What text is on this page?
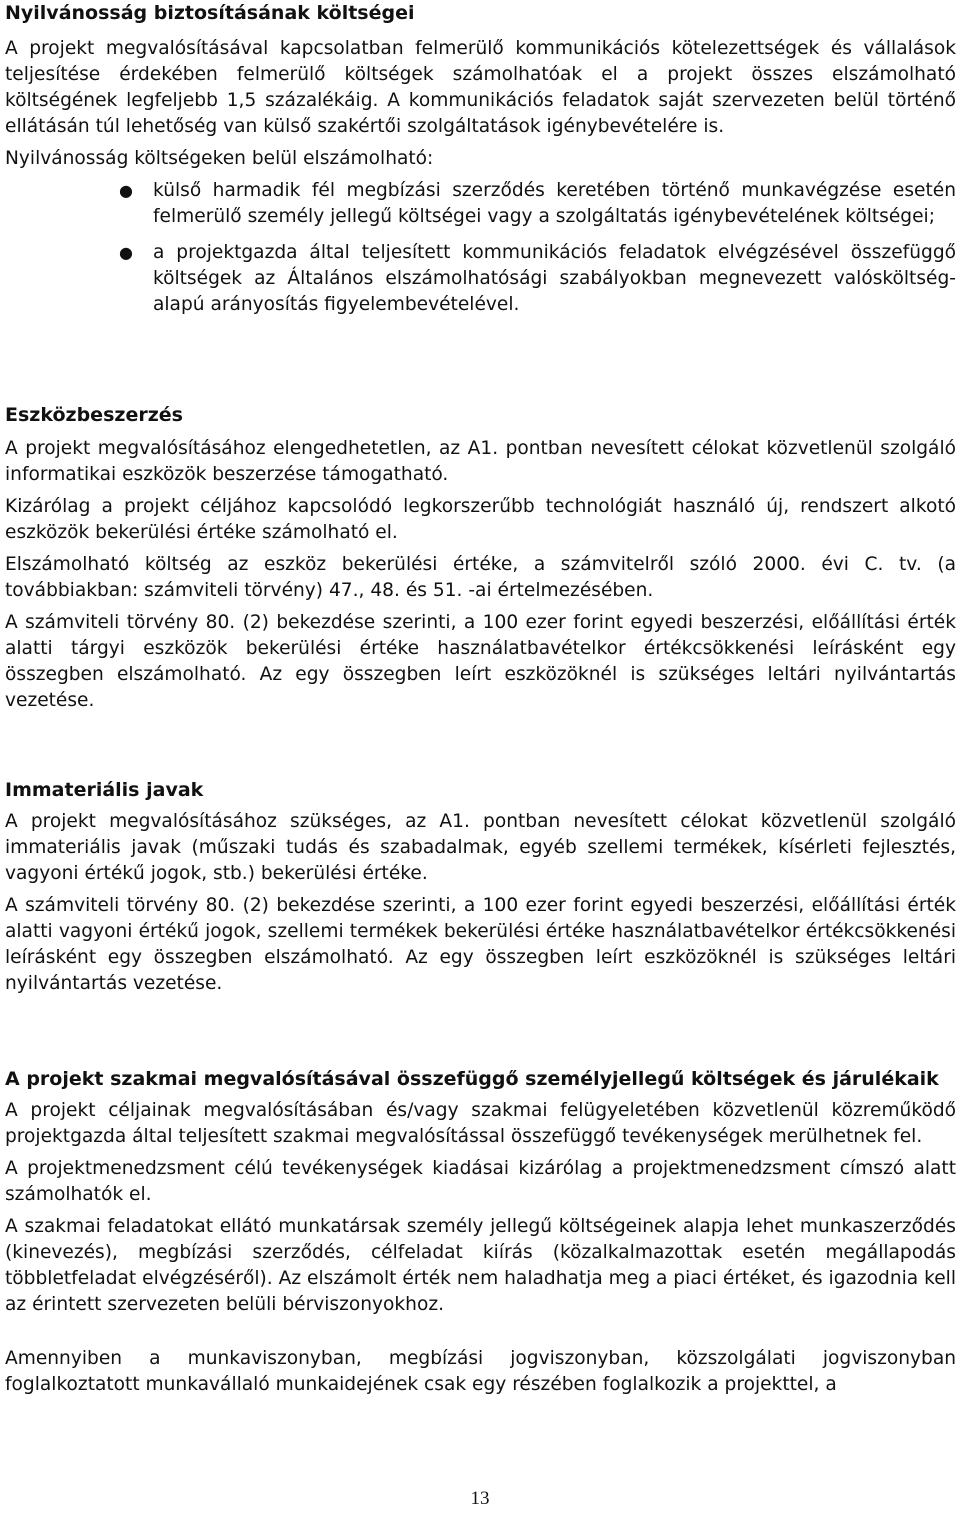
Nyilvánosság biztosításának költségei

A projekt megvalósításával kapcsolatban felmerülő kommunikációs kötelezettségek és vállalások teljesítése érdekében felmerülő költségek számolhatóak el a projekt összes elszámolható költségének legfeljebb 1,5 százalékáig. A kommunikációs feladatok saját szervezeten belül történő ellátásán túl lehetőség van külső szakértői szolgáltatások igénybevételére is.

Nyilvánosság költségeken belül elszámolható:

● külső harmadik fél megbízási szerződés keretében történő munkavégzése esetén felmerülő személy jellegű költségei vagy a szolgáltatás igénybevételének költségei;
● a projektgazda által teljesített kommunikációs feladatok elvégzésével összefüggő költségek az Általános elszámolhatósági szabályokban megnevezett valósköltség-alapú arányosítás figyelembevételével.
Eszközbeszerzés

A projekt megvalósításához elengedhetetlen, az A1. pontban nevesített célokat közvetlenül szolgáló informatikai eszközök beszerzése támogatható.

Kizárólag a projekt céljához kapcsolódó legkorszerűbb technológiát használó új, rendszert alkotó eszközök bekerülési értéke számolható el.

Elszámolható költség az eszköz bekerülési értéke, a számvitelről szóló 2000. évi C. tv. (a továbbiakban: számviteli törvény) 47., 48. és 51. -ai értelmezésében.

A számviteli törvény 80. (2) bekezdése szerinti, a 100 ezer forint egyedi beszerzési, előállítási érték alatti tárgyi eszközök bekerülési értéke használatbavételkor értékcsökkenési leírásként egy összegben elszámolható. Az egy összegben leírt eszközöknél is szükséges leltári nyilvántartás vezetése.

Immateriális javak

A projekt megvalósításához szükséges, az A1. pontban nevesített célokat közvetlenül szolgáló immateriális javak (műszaki tudás és szabadalmak, egyéb szellemi termékek, kísérleti fejlesztés, vagyoni értékű jogok, stb.) bekerülési értéke.

A számviteli törvény 80. (2) bekezdése szerinti, a 100 ezer forint egyedi beszerzési, előállítási érték alatti vagyoni értékű jogok, szellemi termékek bekerülési értéke használatbavételkor értékcsökkenési leírásként egy összegben elszámolható. Az egy összegben leírt eszközöknél is szükséges leltári nyilvántartás vezetése.

A projekt szakmai megvalósításával összefüggő személyjellegű költségek és járulékaik

A projekt céljainak megvalósításában és/vagy szakmai felügyeletében közvetlenül közreműködő projektgazda által teljesített szakmai megvalósítással összefüggő tevékenységek merülhetnek fel.

A projektmenedzsment célú tevékenységek kiadásai kizárólag a projektmenedzsment címszó alatt számolhatók el.

A szakmai feladatokat ellátó munkatársak személy jellegű költségeinek alapja lehet munkaszerződés (kinevezés), megbízási szerződés, célfeladat kiírás (közalkalmazottak esetén megállapodás többletfeladat elvégzéséről). Az elszámolt érték nem haladhatja meg a piaci értéket, és igazodnia kell az érintett szervezeten belüli bérviszonyokhoz.

Amennyiben a munkaviszonyban, megbízási jogviszonyban, közszolgálati jogviszonyban foglalkoztatott munkavállaló munkaidejének csak egy részében foglalkozik a projekttel, a

13
